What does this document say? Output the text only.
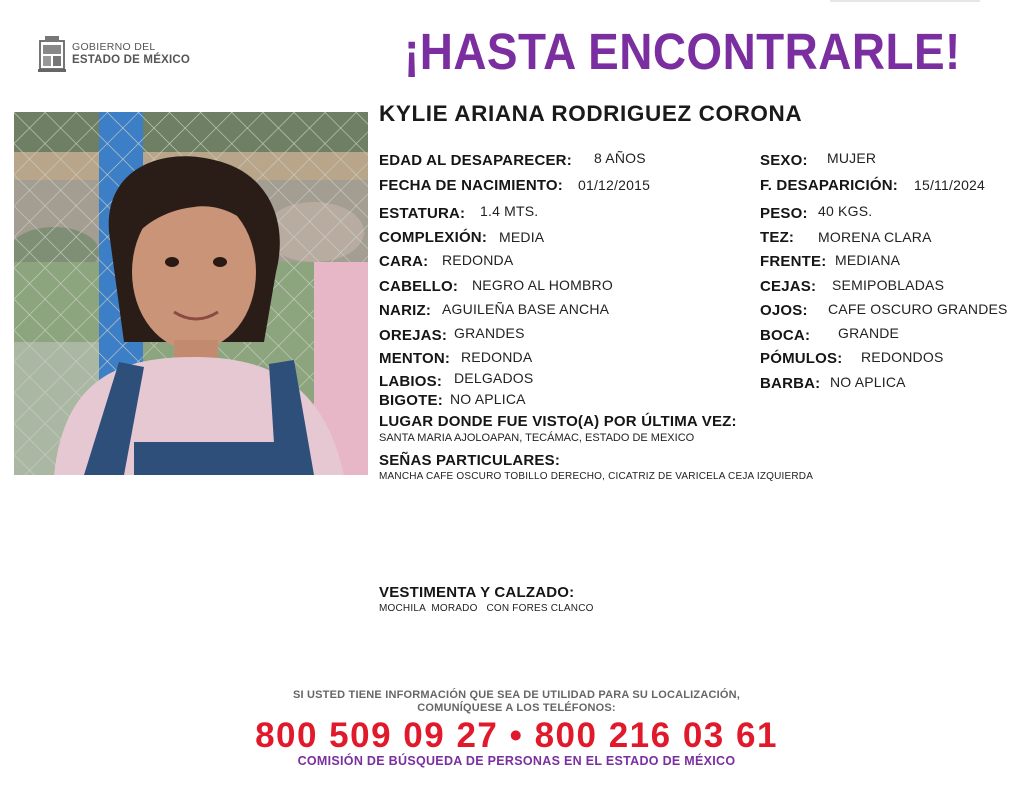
GOBIERNO DEL
ESTADO DE MÉXICO	¡HASTA ENCONTRARLE!
KYLIE ARIANA RODRIGUEZ CORONA
EDAD AL DESAPARECER: 8 AÑOS
FECHA DE NACIMIENTO: 01/12/2015
ESTATURA: 1.4 MTS.
COMPLEXIÓN: MEDIA
CARA: REDONDA
CABELLO: NEGRO AL HOMBRO
NARIZ: AGUILEÑA BASE ANCHA
OREJAS: GRANDES
MENTON: REDONDA
LABIOS: DELGADOS
BIGOTE: NO APLICA
SEXO: MUJER
F. DESAPARICIÓN: 15/11/2024
PESO: 40 KGS.
TEZ: MORENA CLARA
FRENTE: MEDIANA
CEJAS: SEMIPOBLADAS
OJOS: CAFE OSCURO GRANDES
BOCA: GRANDE
PÓMULOS: REDONDOS
BARBA: NO APLICA
LUGAR DONDE FUE VISTO(A) POR ÚLTIMA VEZ:
SANTA MARIA AJOLOAPAN, TECÁMAC, ESTADO DE MEXICO
SEÑAS PARTICULARES:
MANCHA CAFE OSCURO TOBILLO DERECHO, CICATRIZ DE VARICELA CEJA IZQUIERDA
VESTIMENTA Y CALZADO:
MOCHILA  MORADO   CON FORES CLANCO
SI USTED TIENE INFORMACIÓN QUE SEA DE UTILIDAD PARA SU LOCALIZACIÓN,
COMUNÍQUESE A LOS TELÉFONOS:
800 509 09 27 • 800 216 03 61
COMISIÓN DE BÚSQUEDA DE PERSONAS EN EL ESTADO DE MÉXICO
